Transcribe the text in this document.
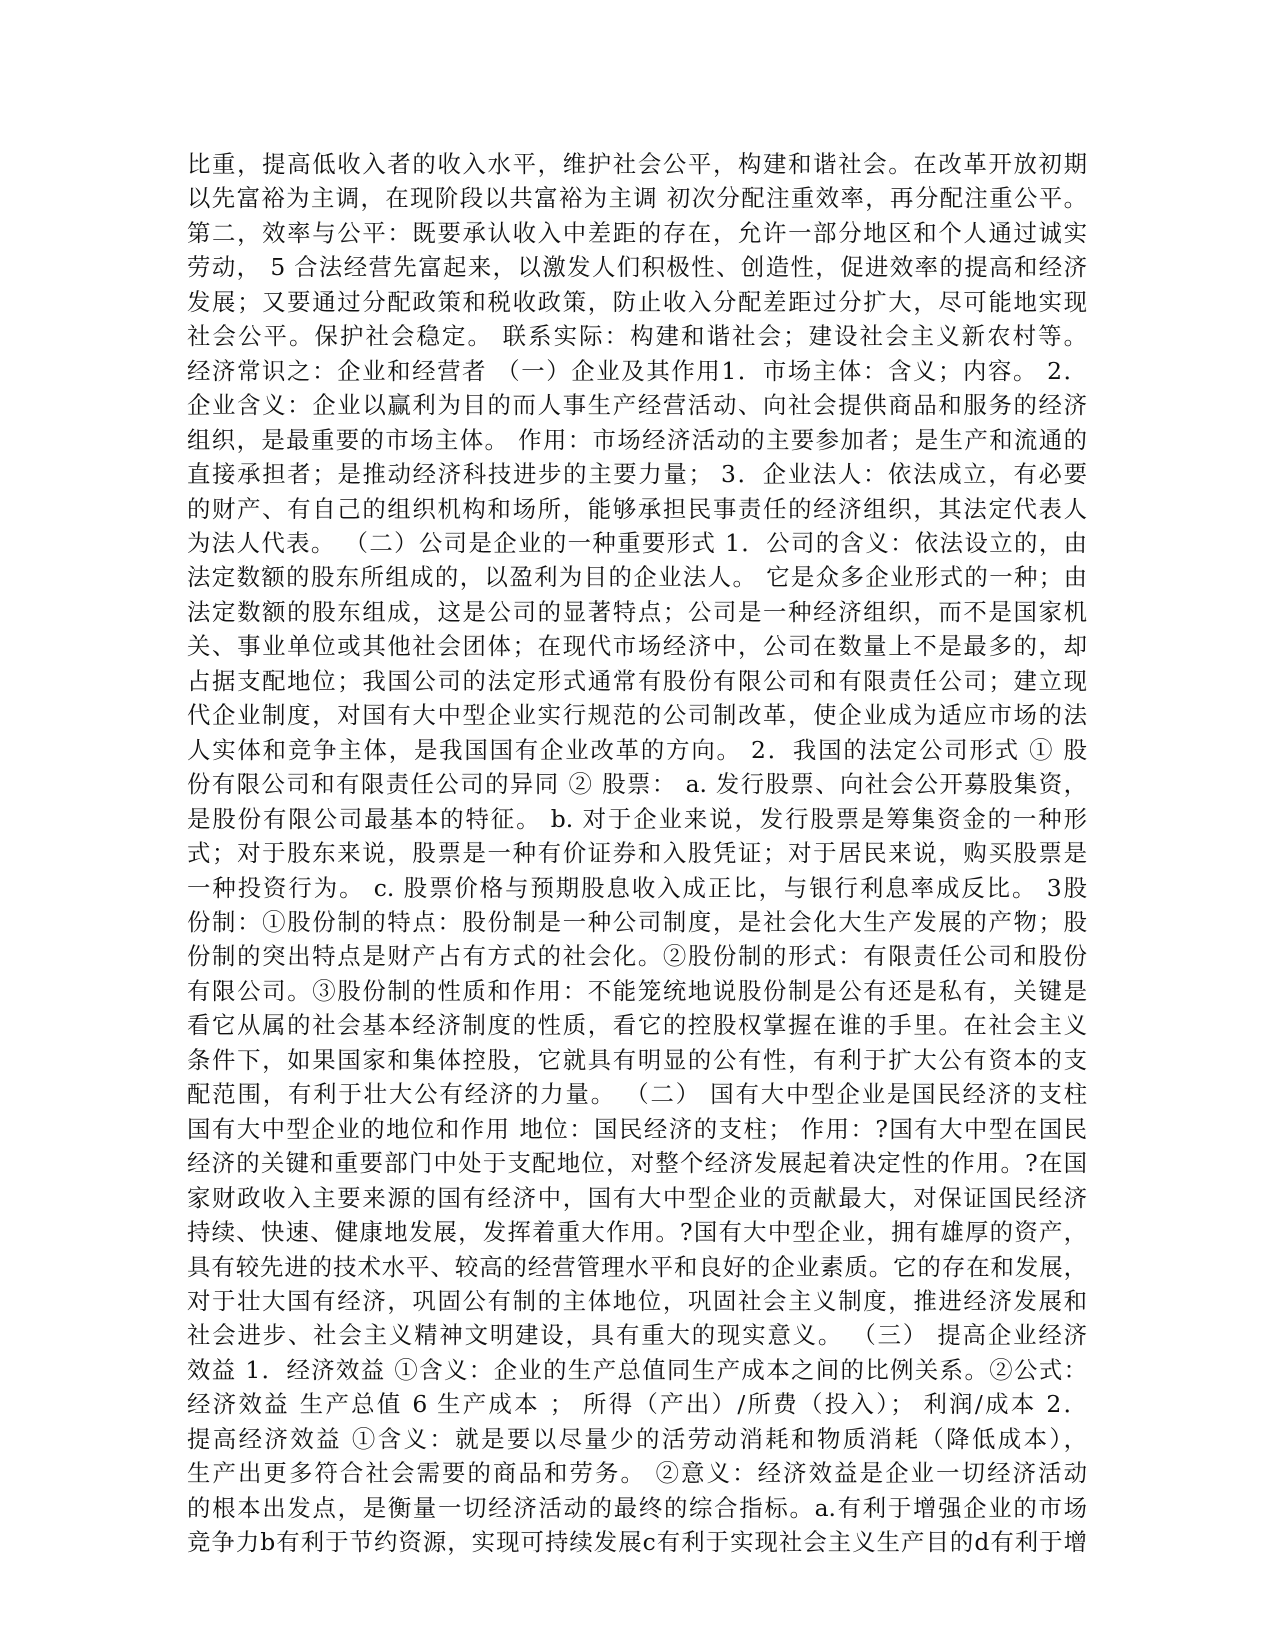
比重，提高低收入者的收入水平，维护社会公平，构建和谐社会。在改革开放初期
以先富裕为主调，在现阶段以共富裕为主调 初次分配注重效率，再分配注重公平。
第二，效率与公平：既要承认收入中差距的存在，允许一部分地区和个人通过诚实
劳动， 5 合法经营先富起来，以激发人们积极性、创造性，促进效率的提高和经济
发展；又要通过分配政策和税收政策，防止收入分配差距过分扩大，尽可能地实现
社会公平。保护社会稳定。 联系实际：构建和谐社会；建设社会主义新农村等。
经济常识之：企业和经营者 （一）企业及其作用1．市场主体：含义；内容。 2．
企业含义：企业以赢利为目的而人事生产经营活动、向社会提供商品和服务的经济
组织，是最重要的市场主体。 作用：市场经济活动的主要参加者；是生产和流通的
直接承担者；是推动经济科技进步的主要力量； 3．企业法人：依法成立，有必要
的财产、有自己的组织机构和场所，能够承担民事责任的经济组织，其法定代表人
为法人代表。 （二）公司是企业的一种重要形式 1．公司的含义：依法设立的，由
法定数额的股东所组成的，以盈利为目的企业法人。 它是众多企业形式的一种；由
法定数额的股东组成，这是公司的显著特点；公司是一种经济组织，而不是国家机
关、事业单位或其他社会团体；在现代市场经济中，公司在数量上不是最多的，却
占据支配地位；我国公司的法定形式通常有股份有限公司和有限责任公司；建立现
代企业制度，对国有大中型企业实行规范的公司制改革，使企业成为适应市场的法
人实体和竞争主体，是我国国有企业改革的方向。 2．我国的法定公司形式 ① 股
份有限公司和有限责任公司的异同 ② 股票： a. 发行股票、向社会公开募股集资，
是股份有限公司最基本的特征。 b. 对于企业来说，发行股票是筹集资金的一种形
式；对于股东来说，股票是一种有价证券和入股凭证；对于居民来说，购买股票是
一种投资行为。 c. 股票价格与预期股息收入成正比，与银行利息率成反比。 3股
份制：①股份制的特点：股份制是一种公司制度，是社会化大生产发展的产物；股
份制的突出特点是财产占有方式的社会化。②股份制的形式：有限责任公司和股份
有限公司。③股份制的性质和作用：不能笼统地说股份制是公有还是私有，关键是
看它从属的社会基本经济制度的性质，看它的控股权掌握在谁的手里。在社会主义
条件下，如果国家和集体控股，它就具有明显的公有性，有利于扩大公有资本的支
配范围，有利于壮大公有经济的力量。 （二） 国有大中型企业是国民经济的支柱
国有大中型企业的地位和作用 地位：国民经济的支柱； 作用：?国有大中型在国民
经济的关键和重要部门中处于支配地位，对整个经济发展起着决定性的作用。?在国
家财政收入主要来源的国有经济中，国有大中型企业的贡献最大，对保证国民经济
持续、快速、健康地发展，发挥着重大作用。?国有大中型企业，拥有雄厚的资产，
具有较先进的技术水平、较高的经营管理水平和良好的企业素质。它的存在和发展，
对于壮大国有经济，巩固公有制的主体地位，巩固社会主义制度，推进经济发展和
社会进步、社会主义精神文明建设，具有重大的现实意义。 （三） 提高企业经济
效益 1．经济效益 ①含义：企业的生产总值同生产成本之间的比例关系。②公式：
经济效益 生产总值 6 生产成本 ； 所得（产出）/所费（投入）； 利润/成本 2．
提高经济效益 ①含义：就是要以尽量少的活劳动消耗和物质消耗（降低成本），
生产出更多符合社会需要的商品和劳务。 ②意义：经济效益是企业一切经济活动
的根本出发点，是衡量一切经济活动的最终的综合指标。a.有利于增强企业的市场
竞争力b有利于节约资源，实现可持续发展c有利于实现社会主义生产目的d有利于增
